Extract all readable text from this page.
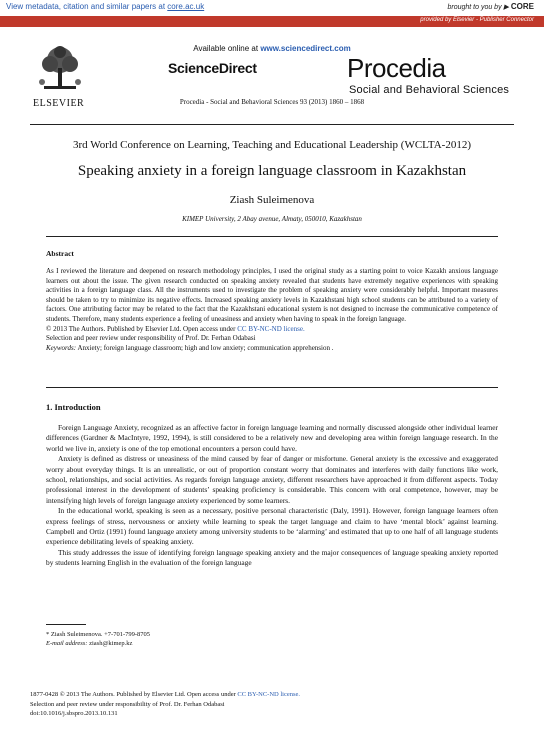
View metadata, citation and similar papers at core.ac.uk	brought to you by ▶ CORE
provided by Elsevier - Publisher Connector
ELSEVIER
Available online at www.sciencedirect.com
ScienceDirect
Procedia - Social and Behavioral Sciences 93 (2013) 1860 – 1868
Procedia
Social and Behavioral Sciences
3rd World Conference on Learning, Teaching and Educational Leadership (WCLTA-2012)
Speaking anxiety in a foreign language classroom in Kazakhstan
Ziash Suleimenova
KIMEP University, 2 Abay avenue, Almaty, 050010, Kazakhstan
Abstract

As I reviewed the literature and deepened on research methodology principles, I used the original study as a starting point to voice Kazakh anxious language learners out about the issue. The given research conducted on speaking anxiety revealed that students have extremely negative experiences with speaking activities in a foreign language class. All the instruments used to investigate the problem of speaking anxiety were considerably helpful. Important measures should be taken to try to minimize its negative effects. Increased speaking anxiety levels in Kazakhstani high school students can be attributed to a variety of factors. One attributing factor may be related to the fact that the Kazakhstani educational system is not designed to increase the communicative competence of students. Therefore, many students experience a feeling of uneasiness and anxiety when having to speak in the foreign language.

© 2013 The Authors. Published by Elsevier Ltd. Open access under CC BY-NC-ND license.

Selection and peer review under responsibility of Prof. Dr. Ferhan Odabasi

Keywords: Anxiety; foreign language classroom; high and low anxiety; communication apprehension .

1. Introduction

Foreign Language Anxiety, recognized as an affective factor in foreign language learning and normally discussed alongside other individual learner differences (Gardner & MacIntyre, 1992, 1994), is still considered to be a relatively new and developing area within foreign language research. In the world we live in, anxiety is one of the top emotional encounters a person could have.

Anxiety is defined as distress or uneasiness of the mind caused by fear of danger or misfortune. General anxiety is the excessive and exaggerated worry about everyday things. It is an unrealistic, or out of proportion constant worry that dominates and interferes with daily functions like work, school, relationships, and social activities. As regards foreign language anxiety, different researchers have approached it from different aspects. Today professional interest in the development of students’ speaking proficiency is considerable. This concern with oral competence, however, may be intensifying high levels of foreign language anxiety experienced by some learners.

In the educational world, speaking is seen as a necessary, positive personal characteristic (Daly, 1991). However, foreign language learners often express feelings of stress, nervousness or anxiety while learning to speak the target language and claim to have ‘mental block’ against learning. Campbell and Ortiz (1991) found language anxiety among university students to be ‘alarming’ and estimated that up to one half of all language students experience debilitating levels of speaking anxiety.

This study addresses the issue of identifying foreign language speaking anxiety and the major consequences of language speaking anxiety reported by students learning English in the evaluation of the foreign language

* Ziash Suleimenova. +7-701-799-8705
E-mail address: ziash@kimep.kz
1877-0428 © 2013 The Authors. Published by Elsevier Ltd. Open access under CC BY-NC-ND license.
Selection and peer review under responsibility of Prof. Dr. Ferhan Odabasi
doi:10.1016/j.sbspro.2013.10.131
